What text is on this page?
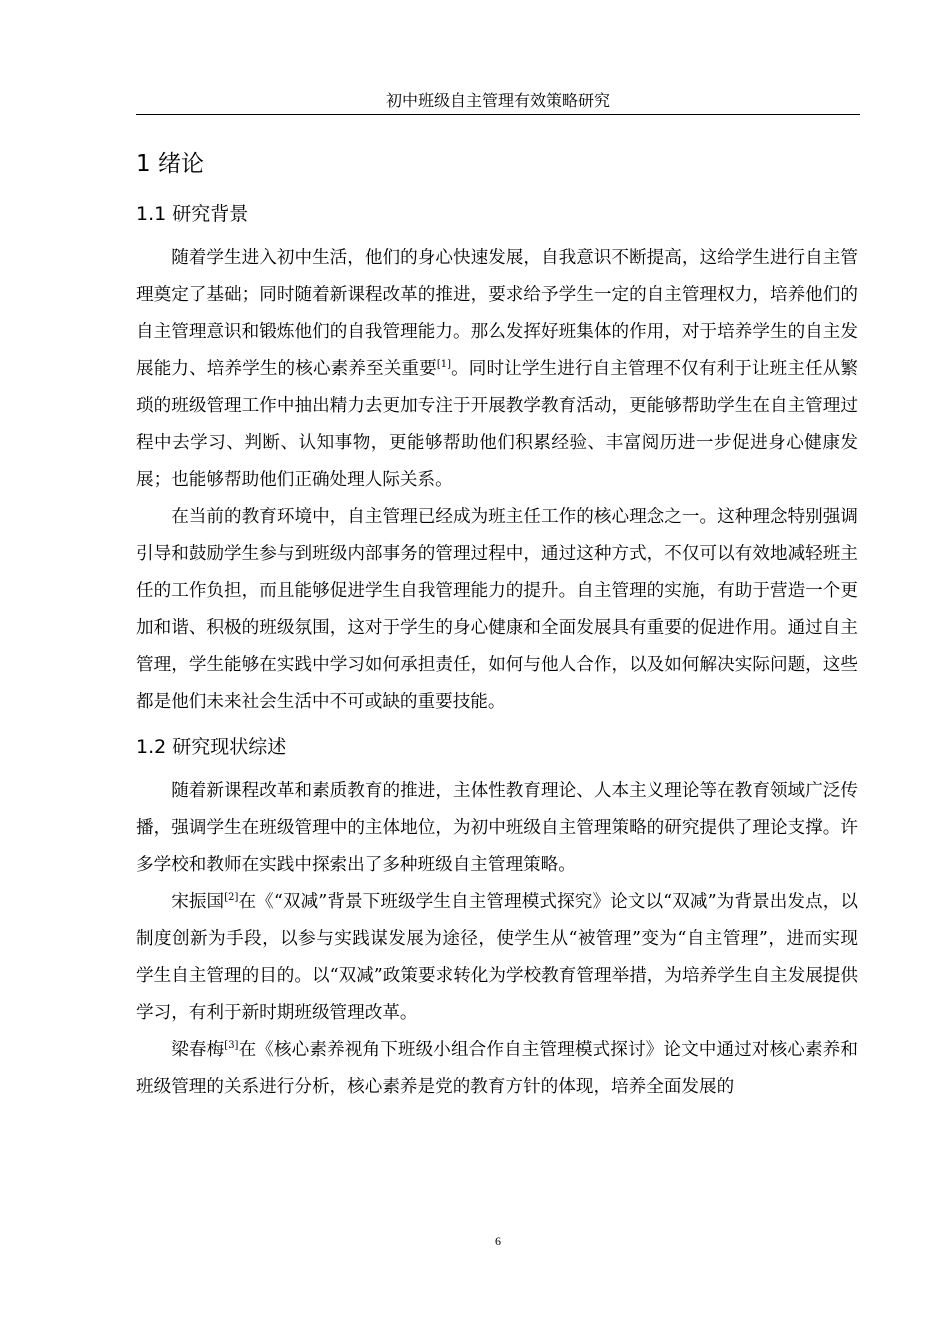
初中班级自主管理有效策略研究
1 绪论
1.1 研究背景

随着学生进入初中生活，他们的身心快速发展，自我意识不断提高，这给学生进行自主管理奠定了基础；同时随着新课程改革的推进，要求给予学生一定的自主管理权力，培养他们的自主管理意识和锻炼他们的自我管理能力。那么发挥好班集体的作用，对于培养学生的自主发展能力、培养学生的核心素养至关重要[1]。同时让学生进行自主管理不仅有利于让班主任从繁琐的班级管理工作中抽出精力去更加专注于开展教学教育活动，更能够帮助学生在自主管理过程中去学习、判断、认知事物，更能够帮助他们积累经验、丰富阅历进一步促进身心健康发展；也能够帮助他们正确处理人际关系。

在当前的教育环境中，自主管理已经成为班主任工作的核心理念之一。这种理念特别强调引导和鼓励学生参与到班级内部事务的管理过程中，通过这种方式，不仅可以有效地减轻班主任的工作负担，而且能够促进学生自我管理能力的提升。自主管理的实施，有助于营造一个更加和谐、积极的班级氛围，这对于学生的身心健康和全面发展具有重要的促进作用。通过自主管理，学生能够在实践中学习如何承担责任，如何与他人合作，以及如何解决实际问题，这些都是他们未来社会生活中不可或缺的重要技能。

1.2 研究现状综述

随着新课程改革和素质教育的推进，主体性教育理论、人本主义理论等在教育领域广泛传播，强调学生在班级管理中的主体地位，为初中班级自主管理策略的研究提供了理论支撑。许多学校和教师在实践中探索出了多种班级自主管理策略。

宋振国[2]在《“双减”背景下班级学生自主管理模式探究》论文以“双减”为背景出发点，以制度创新为手段，以参与实践谋发展为途径，使学生从“被管理”变为“自主管理”，进而实现学生自主管理的目的。以“双减”政策要求转化为学校教育管理举措，为培养学生自主发展提供学习，有利于新时期班级管理改革。

梁春梅[3]在《核心素养视角下班级小组合作自主管理模式探讨》论文中通过对核心素养和班级管理的关系进行分析，核心素养是党的教育方针的体现，培养全面发展的

6
